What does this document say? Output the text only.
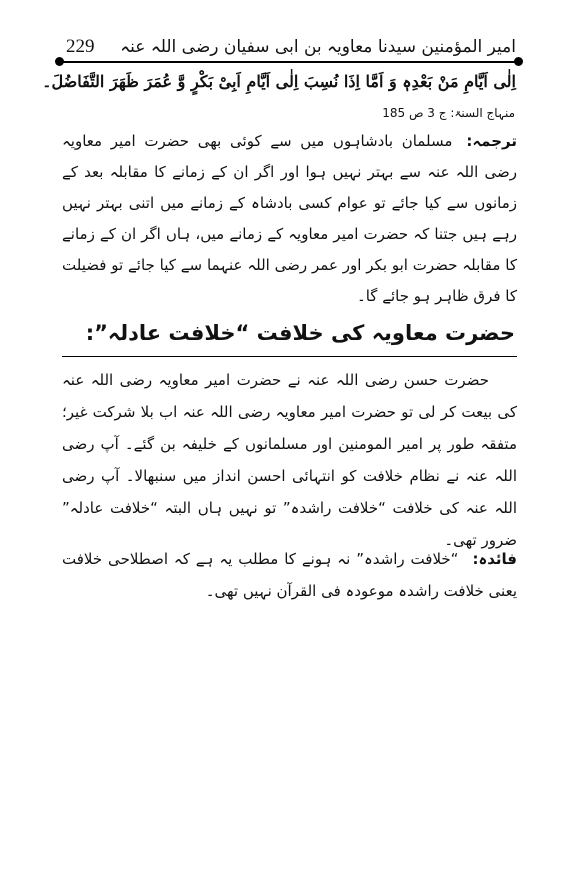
امیر المؤمنین سیدنا معاویہ بن ابی سفیان رضی اللہ عنہ
229
اِلٰی اَیَّامِ مَنْ بَعْدِہٖ وَ اَمَّا اِذَا نُسِبَ اِلٰی اَیَّامِ اَبِیْ بَکْرٍ وَّ عُمَرَ ظَھَرَ التَّفَاضُلَ۔
منہاج السنۃ: ج 3 ص 185

ترجمہ:مسلمان بادشاہوں میں سے کوئی بھی حضرت امیر معاویہ رضی اللہ عنہ سے بہتر نہیں ہوا اور اگر ان کے زمانے کا مقابلہ بعد کے زمانوں سے کیا جائے تو عوام کسی بادشاہ کے زمانے میں اتنی بہتر نہیں رہے ہیں جتنا کہ حضرت امیر معاویہ کے زمانے میں، ہاں اگر ان کے زمانے کا مقابلہ حضرت ابو بکر اور عمر رضی اللہ عنہما سے کیا جائے تو فضیلت کا فرق ظاہر ہو جائے گا۔

حضرت معاویہ کی خلافت “خلافت عادلہ”:

حضرت حسن رضی اللہ عنہ نے حضرت امیر معاویہ رضی اللہ عنہ کی بیعت کر لی تو حضرت امیر معاویہ رضی اللہ عنہ اب بلا شرکت غیر؛ متفقہ طور پر امیر المومنین اور مسلمانوں کے خلیفہ بن گئے۔ آپ رضی اللہ عنہ نے نظام خلافت کو انتہائی احسن انداز میں سنبھالا۔ آپ رضی اللہ عنہ کی خلافت “خلافت راشدہ” تو نہیں ہاں البتہ “خلافت عادلہ” ضرور تھی۔

فائدہ:“خلافت راشدہ” نہ ہونے کا مطلب یہ ہے کہ اصطلاحی خلافت یعنی خلافت راشدہ موعودہ فی القرآن نہیں تھی۔
